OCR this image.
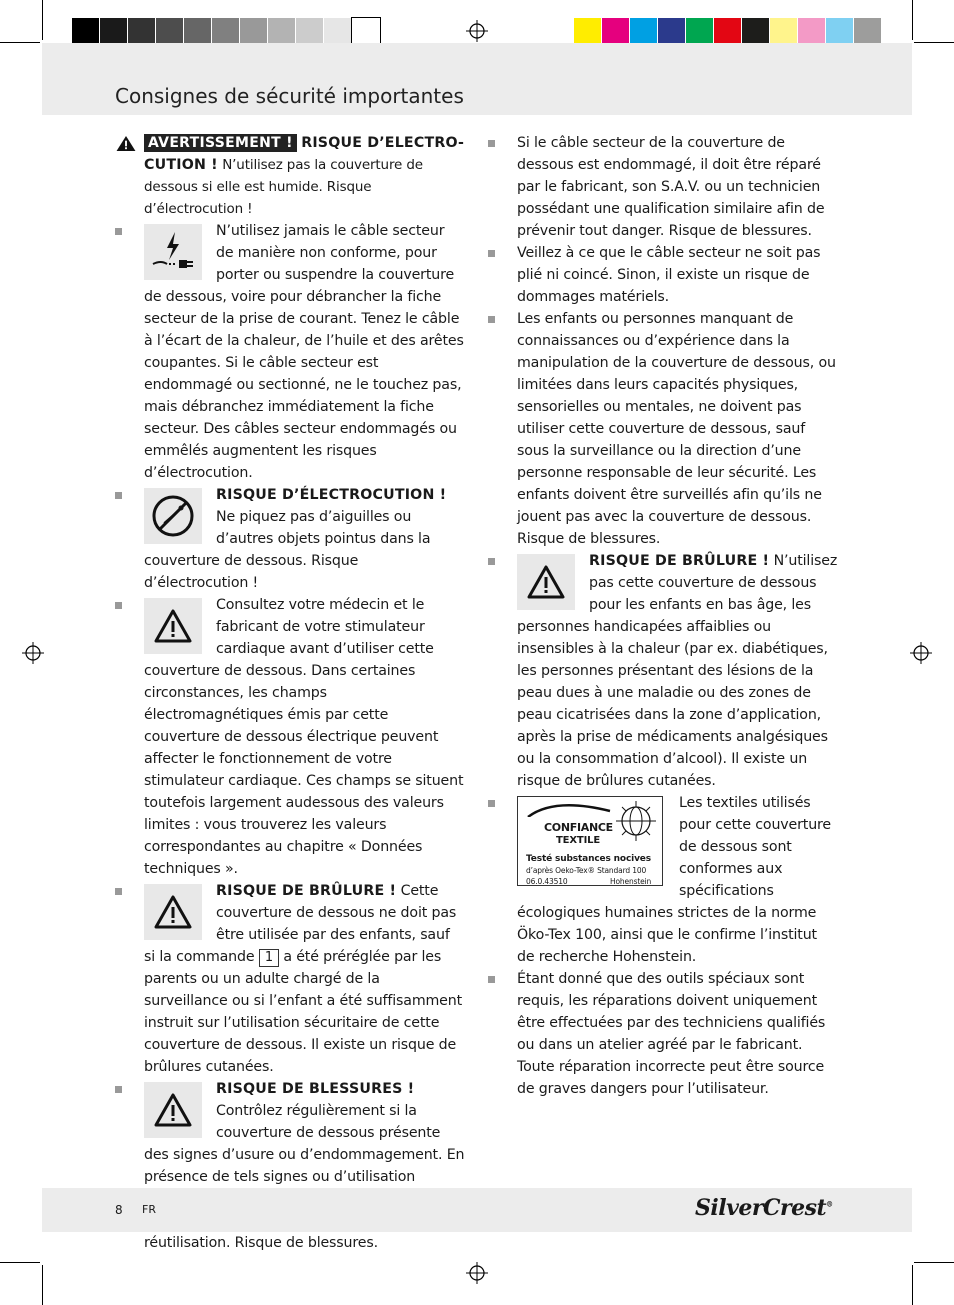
Consignes de sécurité importantes

AVERTISSEMENT ! RISQUE D’ELECTRO- CUTION ! N’utilisez pas la couverture de dessous si elle est humide. Risque d’électrocution !

N’utilisez jamais le câble secteur de manière non conforme, pour porter ou suspendre la couverture de dessous, voire pour débrancher la fiche secteur de la prise de courant. Tenez le câble à l’écart de la chaleur, de l’huile et des arêtes coupantes. Si le câble secteur est endommagé ou sectionné, ne le touchez pas, mais débranchez immédiatement la fiche secteur. Des câbles secteur endommagés ou emmêlés augmentent les risques d’électrocution.

RISQUE D’ÉLECTROCUTION ! Ne piquez pas d’aiguilles ou d’autres objets pointus dans la couverture de dessous. Risque d’électrocution !

Consultez votre médecin et le fabricant de votre stimulateur cardiaque avant d’utiliser cette couverture de dessous. Dans certaines circonstances, les champs électromagnétiques émis par cette couverture de dessous électrique peuvent affecter le fonctionnement de votre stimulateur cardiaque. Ces champs se situent toutefois largement audessous des valeurs limites : vous trouverez les valeurs correspondantes au chapitre « Données techniques ».

RISQUE DE BRÛLURE ! Cette couverture de dessous ne doit pas être utilisée par des enfants, sauf si la commande 1 a été préréglée par les parents ou un adulte chargé de la surveillance ou si l’enfant a été suffisamment instruit sur l’utilisation sécuritaire de cette couverture de dessous. Il existe un risque de brûlures cutanées.

RISQUE DE BLESSURES ! Contrôlez régulièrement si la couverture de dessous présente des signes d’usure ou d’endommagement. En présence de tels signes ou d’utilisation réutilisation. Risque de blessures.

Si le câble secteur de la couverture de dessous est endommagé, il doit être réparé par le fabricant, son S.A.V. ou un technicien possédant une qualification similaire afin de prévenir tout danger. Risque de blessures.

Veillez à ce que le câble secteur ne soit pas plié ni coincé. Sinon, il existe un risque de dommages matériels.

Les enfants ou personnes manquant de connaissances ou d’expérience dans la manipulation de la couverture de dessous, ou limitées dans leurs capacités physiques, sensorielles ou mentales, ne doivent pas utiliser cette couverture de dessous, sauf sous la surveillance ou la direction d’une personne responsable de leur sécurité. Les enfants doivent être surveillés afin qu’ils ne jouent pas avec la couverture de dessous. Risque de blessures.

RISQUE DE BRÛLURE ! N’utilisez pas cette couverture de dessous pour les enfants en bas âge, les personnes handicapées affaiblies ou insensibles à la chaleur (par ex. diabétiques, les personnes présentant des lésions de la peau dues à une maladie ou des zones de peau cicatrisées dans la zone d’application, après la prise de médicaments analgésiques ou la consommation d’alcool). Il existe un risque de brûlures cutanées.

CONFIANCE
TEXTILE
Testé substances nocives
d’après Oeko-Tex® Standard 100
06.0.43510	Hohenstein

Les textiles utilisés pour cette couverture de dessous sont conformes aux spécifications écologiques humaines strictes de la norme Öko-Tex 100, ainsi que le confirme l’institut de recherche Hohenstein.

Étant donné que des outils spéciaux sont requis, les réparations doivent uniquement être effectuées par des techniciens qualifiés ou dans un atelier agréé par le fabricant. Toute réparation incorrecte peut être source de graves dangers pour l’utilisateur.

8 FR	SilverCrest®
